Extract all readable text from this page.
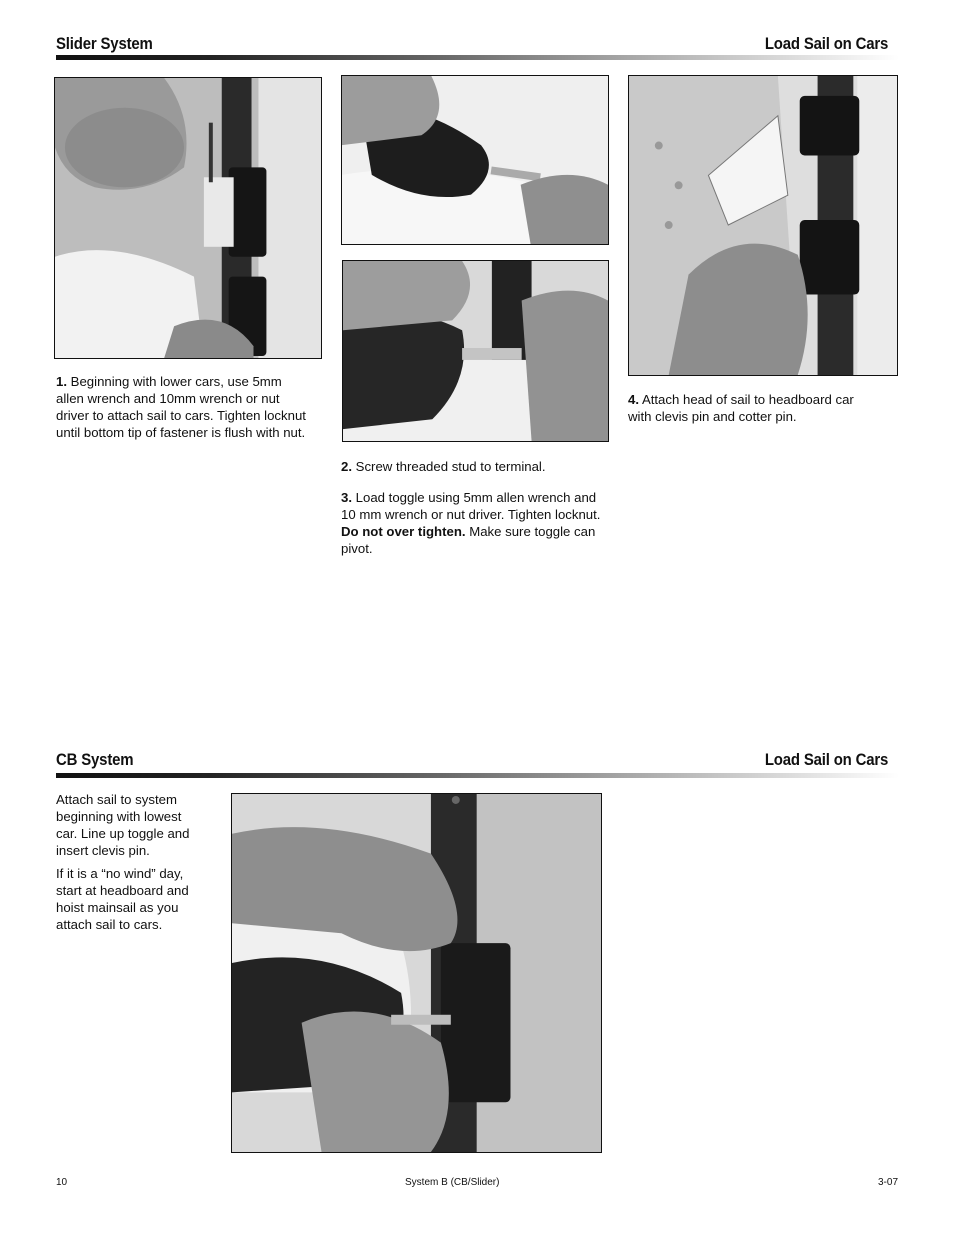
Slider System	Load Sail on Cars

1. Beginning with lower cars, use 5mm allen wrench and 10mm wrench or nut driver to attach sail to cars. Tighten locknut until bottom tip of fastener is flush with nut.

2. Screw threaded stud to terminal.

3. Load toggle using 5mm allen wrench and 10 mm wrench or nut driver. Tighten locknut. Do not over tighten. Make sure toggle can pivot.

4. Attach head of sail to headboard car with clevis pin and cotter pin.

CB System	Load Sail on Cars

Attach sail to system beginning with lowest car. Line up toggle and insert clevis pin.

If it is a “no wind” day, start at headboard and hoist mainsail as you attach sail to cars.

10	System B (CB/Slider)	3-07
